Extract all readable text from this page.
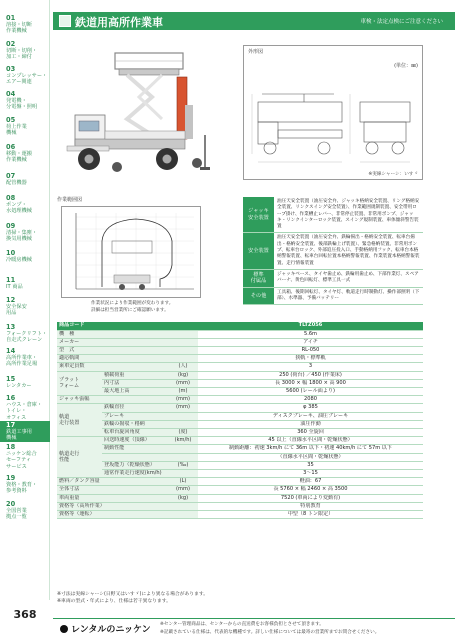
01
溶接・切断
作業機械
02
切断・切削・
加工・締付
03
コンプレッサー・
エアー関連
04
発電機・
分電盤・照明
05
荷上作業
機械
06
移動・運搬
作業機械
07
配管機器
08
ポンプ・
水処理機械
09
清掃・集塵・
換気用機械
10
冷暖房機械
11
IT 商品
12
安全保安
用品
13
フォークリフト・
自走式クレーン
14
高所作業車・
高所作業足場
15
レンタカー
16
ハウス・倉庫・
トイレ・
オフィス
17
鉄道工事用
機械
18
ニッケン総合
セーフティ
サービス
19
資格・教育・
参考資料
20
全国営業
拠点一覧
368
鉄道用高所作業車	車検・法定点検にご注意ください
外形図
(単位：㎜)
※実線シャーシ：いすゞ
作業範囲図
作業状況により作業範囲が変わります。
詳細は担当営業所にご確認願います。
ジャッキ
安全装置
油圧天安全装置（油圧安全弁、ジャッキ格納安全装置、リング格納安全装置、リンクスイング安全装置）、作業範囲規制装置、安全帯用ロープ掛け、作業槽止レバー、非常停止装置、非常用ポンプ、ジャッキ・リンクインターロック装置、スイング規制装置、車体傾斜警告装置
安全装置
油圧天安全装置（油圧安全弁、鉄輪揚出・格納安全装置、転車台揚出・格納安全装置、後部鉄輪上げ装置）、緊急格納装置、非常用ポンプ、転車台ロック、外部追圧投入口、手動格納用フック、転車台本格納警報装置、転車台回転位置本格納警報装置、作業装置本格納警報装置、走行情報装置
標準
付属品
ジャッキベース、タイヤ歯止め、鉄輪用歯止め、下部作業灯、スペアバーナ、黄色回転灯、標準工具一式
その他
工具箱、後期回転灯、タイヤ灯、軌道走行時制動灯、操作部照明（下部）、水準器、予備バッテリー
商品コード			TLTZ056
機　種			5.6m
メーカー			アイチ
型　式			RL-050
適応軌間			狭軌・標準軌
乗車定員数		(人)	3
プラット
フォーム	積載荷重	(kg)	250 (荷台) ／450 (作業床)
	内寸法	(mm)	長 3000 × 幅 1800 × 高 900
	最大地上高	(m)	5600 (レール面より)
ジャッキ張幅		(mm)	2080
軌道
走行装置	鉄輪直径	(mm)	φ 385
	ブレーキ		ディスクブレーキ、油圧ブレーキ
	鉄輪の揚収・格納		油圧作動
	転車台旋回角度	(度)	360 全旋回
軌道走行
性能	回送時速度（頂線）	(km/h)	45 以上（直線水平区間・乾燥状態）
	制動性能		制動距離：初速 3km/h にて 36m 以下・初速 40km/h にて 57m 以下
			（直線水平区間・乾燥状態）
	登坂能力（乾燥状態）	(‰)	35
	通常作業走行速度(km/h)		3〜15
燃料／タンク容量		(L)	軽油：67
全体寸法		(mm)	長 5760 × 幅 2460 × 高 3500
車両重量		(kg)	7520 (車両により変動有)
資格等（高所作業）			特別教育
資格等（運転）			中型（8 トン限定）
※寸法は実線シャーシ(日野又はいすゞ)により異なる場合があります。
※車両の型式・年式により、仕様は若干異なります。
レンタルのニッケン
※センター管理商品は、センターからの直送費をお客様負担とさせて頂きます。
※記載されている仕様は、代表的な機種です。詳しい仕様については最寄の営業所までお問合せください。
